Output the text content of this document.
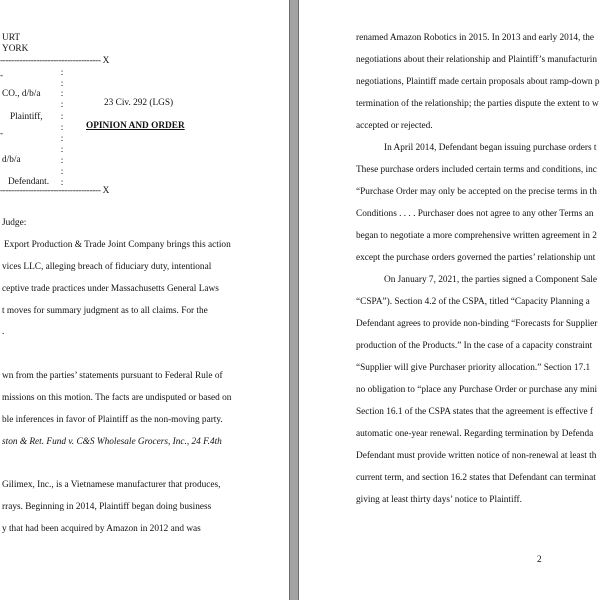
URT
YORK
------------------------------------ X
:
-
:
CO., d/b/a :
:
Plaintiff, :
:
-	:
:
d/b/a	:
:
Defendant. :
------------------------------------ X
23 Civ. 292 (LGS)
OPINION AND ORDER
Judge:
Export Production & Trade Joint Company brings this action
vices LLC, alleging breach of fiduciary duty, intentional
ceptive trade practices under Massachusetts General Laws
t moves for summary judgment as to all claims. For the
.
wn from the parties’ statements pursuant to Federal Rule of
missions on this motion. The facts are undisputed or based on
ble inferences in favor of Plaintiff as the non-moving party.
ston & Ret. Fund v. C&S Wholesale Grocers, Inc., 24 F.4th
Gilimex, Inc., is a Vietnamese manufacturer that produces,
rrays. Beginning in 2014, Plaintiff began doing business
y that had been acquired by Amazon in 2012 and was
renamed Amazon Robotics in 2015. In 2013 and early 2014, the
negotiations about their relationship and Plaintiff’s manufacturin
negotiations, Plaintiff made certain proposals about ramp-down p
termination of the relationship; the parties dispute the extent to w
accepted or rejected.
In April 2014, Defendant began issuing purchase orders t
These purchase orders included certain terms and conditions, inc
“Purchase Order may only be accepted on the precise terms in th
Conditions . . . . Purchaser does not agree to any other Terms an
began to negotiate a more comprehensive written agreement in 2
except the purchase orders governed the parties’ relationship unt
On January 7, 2021, the parties signed a Component Sale
“CSPA”). Section 4.2 of the CSPA, titled “Capacity Planning a
Defendant agrees to provide non-binding “Forecasts for Supplier
production of the Products.” In the case of a capacity constraint
“Supplier will give Purchaser priority allocation.” Section 17.1
no obligation to “place any Purchase Order or purchase any mini
Section 16.1 of the CSPA states that the agreement is effective f
automatic one-year renewal. Regarding termination by Defenda
Defendant must provide written notice of non-renewal at least th
current term, and section 16.2 states that Defendant can terminat
giving at least thirty days’ notice to Plaintiff.
2
